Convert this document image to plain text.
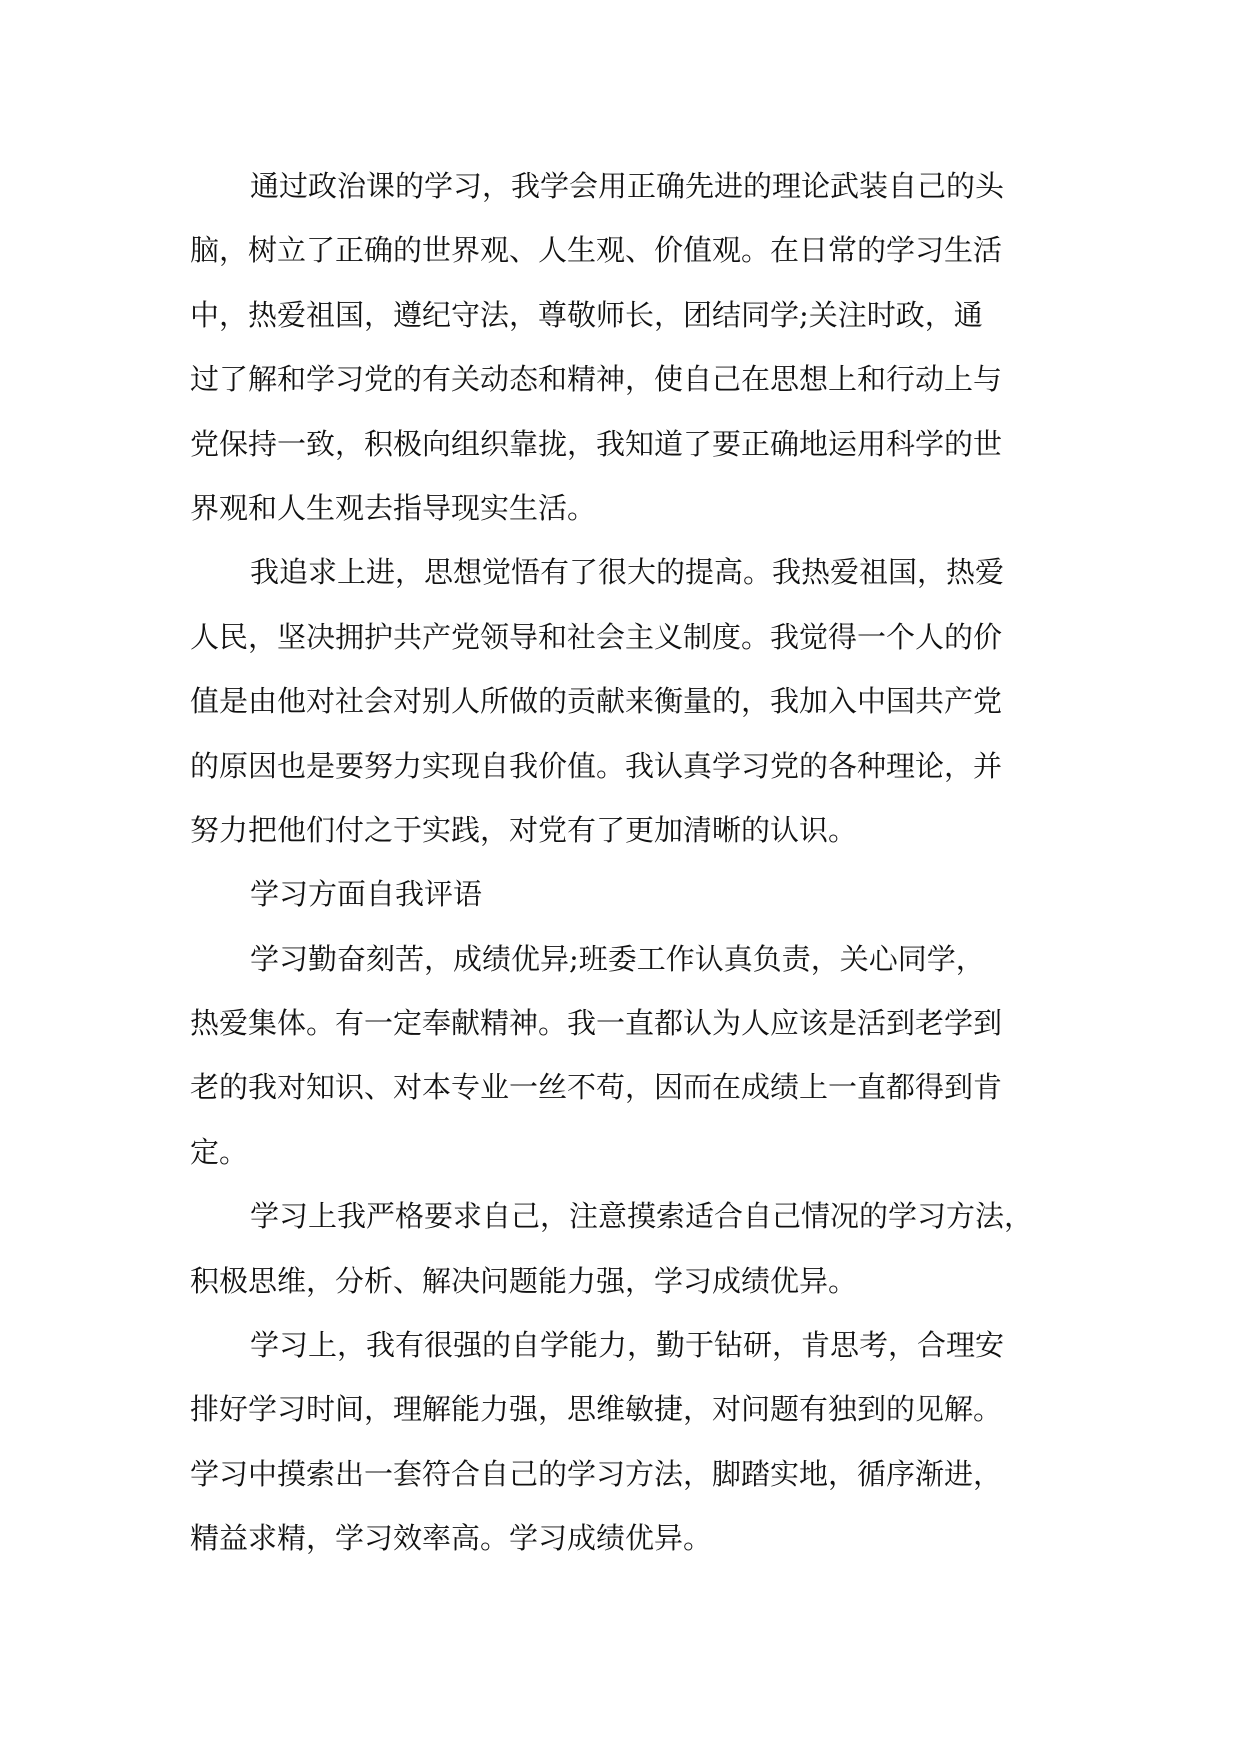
通过政治课的学习，我学会用正确先进的理论武装自己的头
脑，树立了正确的世界观、人生观、价值观。在日常的学习生活
中，热爱祖国，遵纪守法，尊敬师长，团结同学;关注时政，通
过了解和学习党的有关动态和精神，使自己在思想上和行动上与
党保持一致，积极向组织靠拢，我知道了要正确地运用科学的世
界观和人生观去指导现实生活。
我追求上进，思想觉悟有了很大的提高。我热爱祖国，热爱
人民，坚决拥护共产党领导和社会主义制度。我觉得一个人的价
值是由他对社会对别人所做的贡献来衡量的，我加入中国共产党
的原因也是要努力实现自我价值。我认真学习党的各种理论，并
努力把他们付之于实践，对党有了更加清晰的认识。
学习方面自我评语
学习勤奋刻苦，成绩优异;班委工作认真负责，关心同学，
热爱集体。有一定奉献精神。我一直都认为人应该是活到老学到
老的我对知识、对本专业一丝不苟，因而在成绩上一直都得到肯
定。
学习上我严格要求自己，注意摸索适合自己情况的学习方法，
积极思维，分析、解决问题能力强，学习成绩优异。
学习上，我有很强的自学能力，勤于钻研，肯思考，合理安
排好学习时间，理解能力强，思维敏捷，对问题有独到的见解。
学习中摸索出一套符合自己的学习方法，脚踏实地，循序渐进，
精益求精，学习效率高。学习成绩优异。
